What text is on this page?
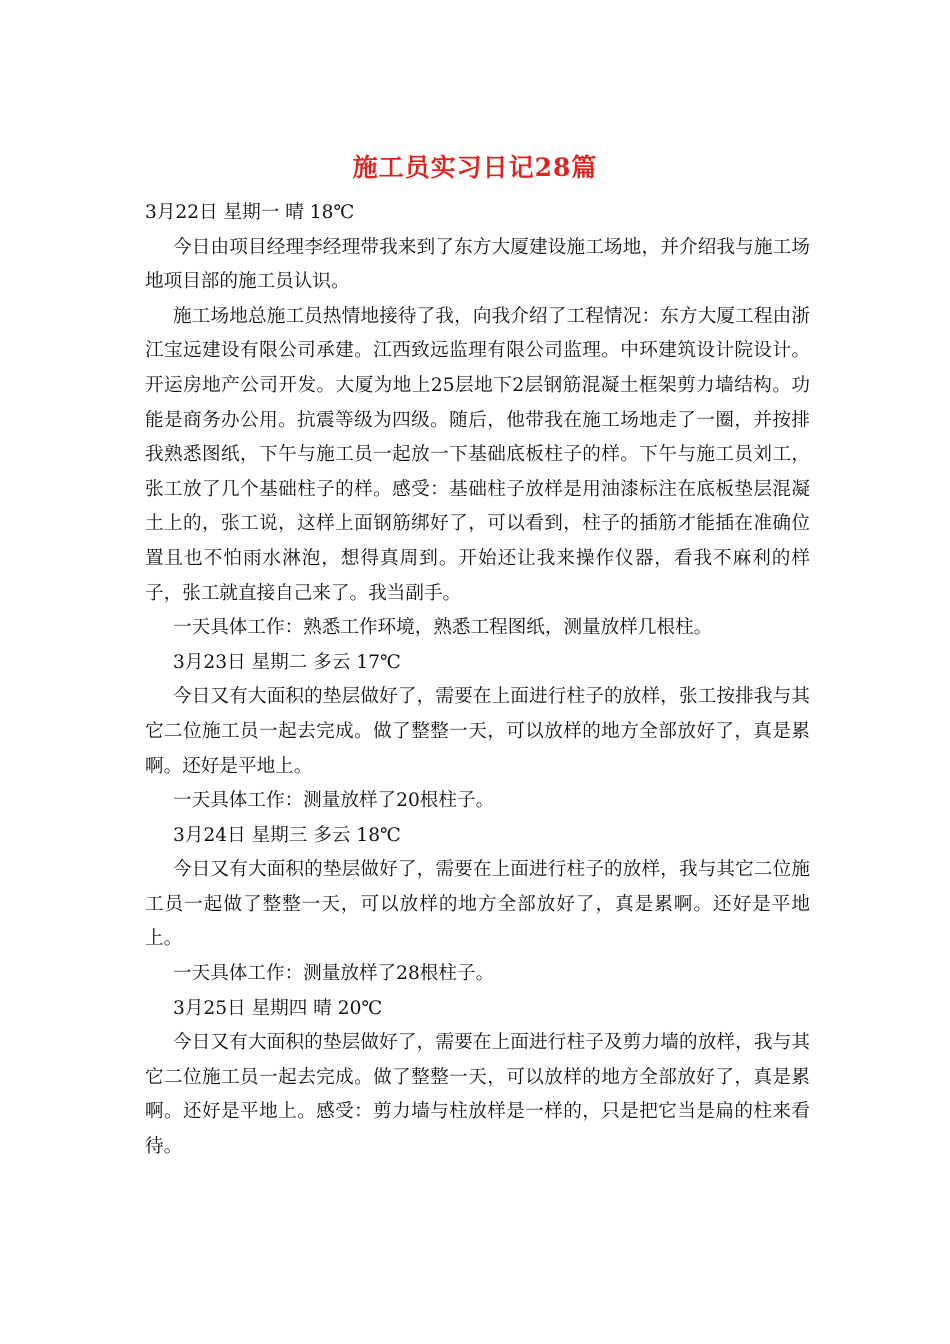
施工员实习日记28篇

3月22日 星期一 晴 18℃

今日由项目经理李经理带我来到了东方大厦建设施工场地，并介绍我与施工场地项目部的施工员认识。

施工场地总施工员热情地接待了我，向我介绍了工程情况：东方大厦工程由浙江宝远建设有限公司承建。江西致远监理有限公司监理。中环建筑设计院设计。开运房地产公司开发。大厦为地上25层地下2层钢筋混凝土框架剪力墙结构。功能是商务办公用。抗震等级为四级。随后，他带我在施工场地走了一圈，并按排我熟悉图纸，下午与施工员一起放一下基础底板柱子的样。下午与施工员刘工，张工放了几个基础柱子的样。感受：基础柱子放样是用油漆标注在底板垫层混凝土上的，张工说，这样上面钢筋绑好了，可以看到，柱子的插筋才能插在准确位置且也不怕雨水淋泡，想得真周到。开始还让我来操作仪器，看我不麻利的样子，张工就直接自己来了。我当副手。

一天具体工作：熟悉工作环境，熟悉工程图纸，测量放样几根柱。

3月23日 星期二 多云 17℃

今日又有大面积的垫层做好了，需要在上面进行柱子的放样，张工按排我与其它二位施工员一起去完成。做了整整一天，可以放样的地方全部放好了，真是累啊。还好是平地上。

一天具体工作：测量放样了20根柱子。

3月24日 星期三 多云 18℃

今日又有大面积的垫层做好了，需要在上面进行柱子的放样，我与其它二位施工员一起做了整整一天，可以放样的地方全部放好了，真是累啊。还好是平地上。

一天具体工作：测量放样了28根柱子。

3月25日 星期四 晴 20℃

今日又有大面积的垫层做好了，需要在上面进行柱子及剪力墙的放样，我与其它二位施工员一起去完成。做了整整一天，可以放样的地方全部放好了，真是累啊。还好是平地上。感受：剪力墙与柱放样是一样的，只是把它当是扁的柱来看待。
